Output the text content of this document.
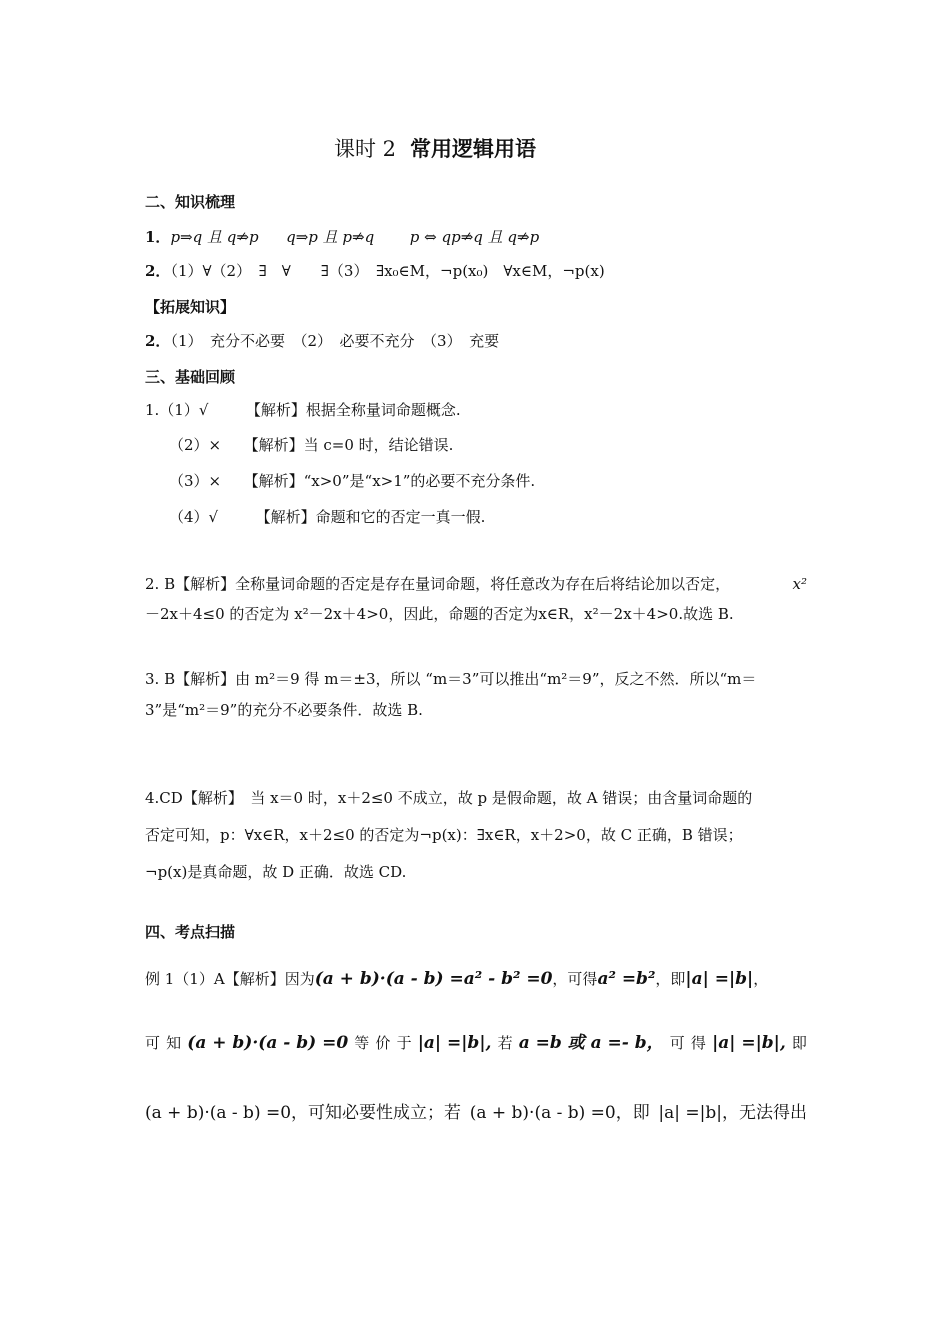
课时 2 常用逻辑用语
二、知识梳理
1．p⇒q 且 q⇒p q⇒p 且 p⇒q p ⇔ qp⇒q 且 q⇒p
2．（1）∀（2）　∃　∀　　∃（3）　∃x₀∈M，¬p(x₀)　∀x∈M，¬p(x)
【拓展知识】
2．（1）　充分不必要　（2）　必要不充分　（3）　充要
三、基础回顾
1.（1）√　　　【解析】根据全称量词命题概念.
（2）×　　【解析】当 c=0 时，结论错误.
（3）×　　【解析】“x>0”是“x>1”的必要不充分条件.
（4）√　　　【解析】命题和它的否定一真一假.
2. B【解析】全称量词命题的否定是存在量词命题，将任意改为存在后将结论加以否定，	x²
－2x＋4≤0 的否定为 x²－2x＋4>0，因此，命题的否定为x∈R，x²－2x＋4>0.故选 B.
3. B【解析】由 m²＝9 得 m＝±3，所以 “m＝3”可以推出“m²＝9”，反之不然．所以“m＝
3”是“m²＝9”的充分不必要条件．故选 B.
4.CD【解析】　当 x＝0 时，x＋2≤0 不成立，故 p 是假命题，故 A 错误；由含量词命题的
否定可知，p：∀x∈R，x＋2≤0 的否定为¬p(x)：∃x∈R，x＋2>0，故 C 正确，B 错误；
¬p(x)是真命题，故 D 正确．故选 CD.
四、考点扫描
例 1（1）A【解析】因为(a + b)·(a - b) =a² - b² =0，可得a² =b²，即|a| =|b|，
可 知 (a + b)·(a - b) =0 等 价 于 |a| =|b|, 若 a =b 或 a =- b， 可 得 |a| =|b|, 即
(a + b)·(a - b) =0，可知必要性成立；若 (a + b)·(a - b) =0，即 |a| =|b|，无法得出
